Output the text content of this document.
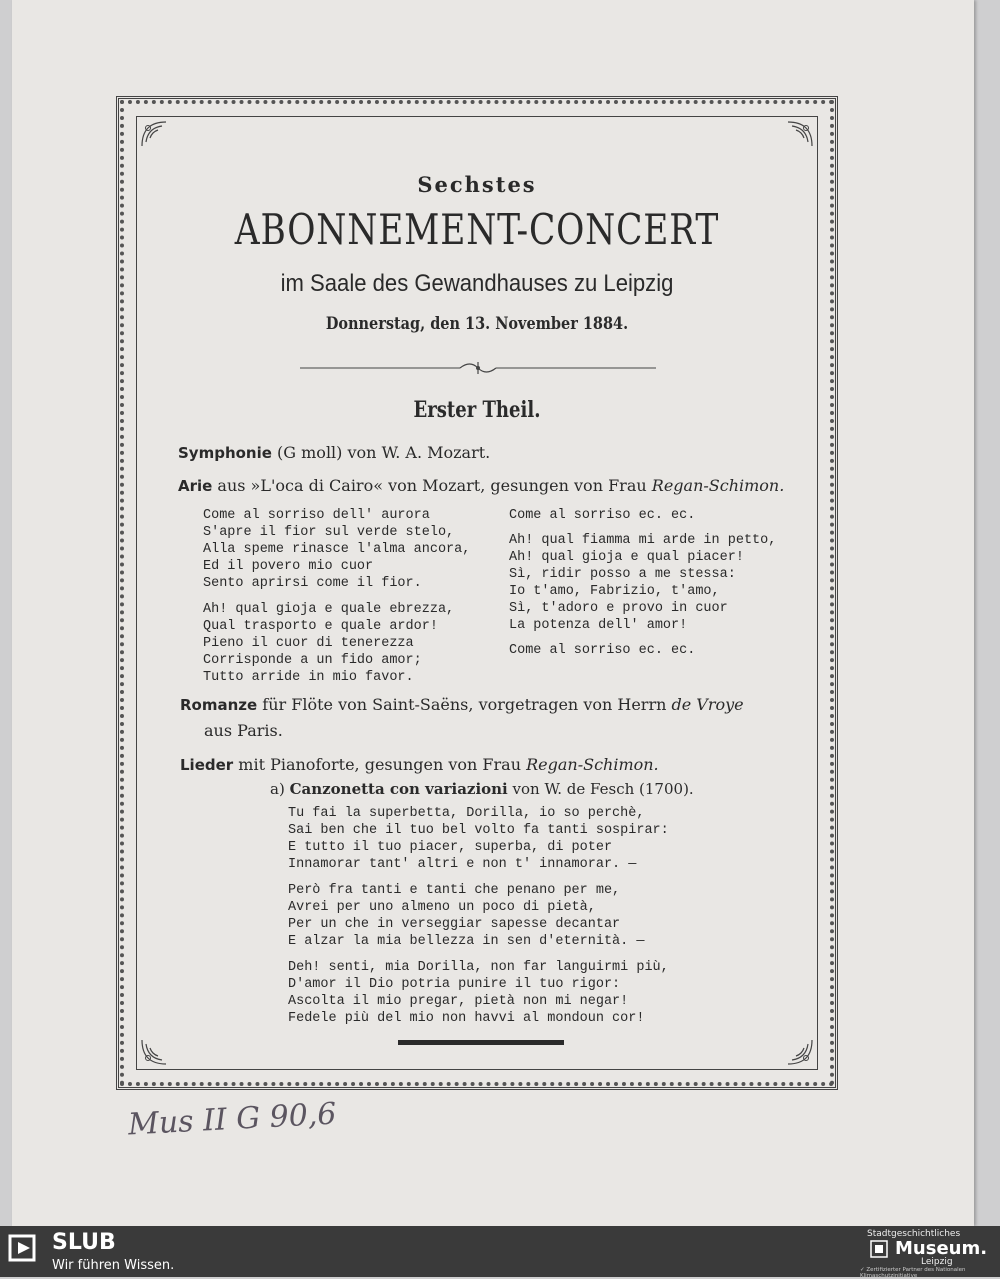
Sechstes
ABONNEMENT-CONCERT
im Saale des Gewandhauses zu Leipzig
Donnerstag, den 13. November 1884.
Erster Theil.
Symphonie (G moll) von W. A. Mozart.
Arie aus »L'oca di Cairo« von Mozart, gesungen von Frau Regan-Schimon.
Come al sorriso dell' aurora
S'apre il fior sul verde stelo,
Alla speme rinasce l'alma ancora,
Ed il povero mio cuor
Sento aprirsi come il fior.
Ah! qual gioja e quale ebrezza,
Qual trasporto e quale ardor!
Pieno il cuor di tenerezza
Corrisponde a un fido amor;
Tutto arride in mio favor.
Come al sorriso ec. ec.
Ah! qual fiamma mi arde in petto,
Ah! qual gioja e qual piacer!
Sì, ridir posso a me stessa:
Io t'amo, Fabrizio, t'amo,
Sì, t'adoro e provo in cuor
La potenza dell' amor!
Come al sorriso ec. ec.
Romanze für Flöte von Saint-Saëns, vorgetragen von Herrn de Vroye
aus Paris.
Lieder mit Pianoforte, gesungen von Frau Regan-Schimon.
a) Canzonetta con variazioni von W. de Fesch (1700).
Tu fai la superbetta, Dorilla, io so perchè,
Sai ben che il tuo bel volto fa tanti sospirar:
E tutto il tuo piacer, superba, di poter
Innamorar tant' altri e non t' innamorar. —
Però fra tanti e tanti che penano per me,
Avrei per uno almeno un poco di pietà,
Per un che in verseggiar sapesse decantar
E alzar la mia bellezza in sen d'eternità. —
Deh! senti, mia Dorilla, non far languirmi più,
D'amor il Dio potria punire il tuo rigor:
Ascolta il mio pregar, pietà non mi negar!
Fedele più del mio non havvi al mondoun cor!
Mus II G 90,6
SLUB
Wir führen Wissen.
Stadtgeschichtliches
Museum.
Leipzig
✓ Zertifizierter Partner des Nationalen Klimaschutzinitiative
